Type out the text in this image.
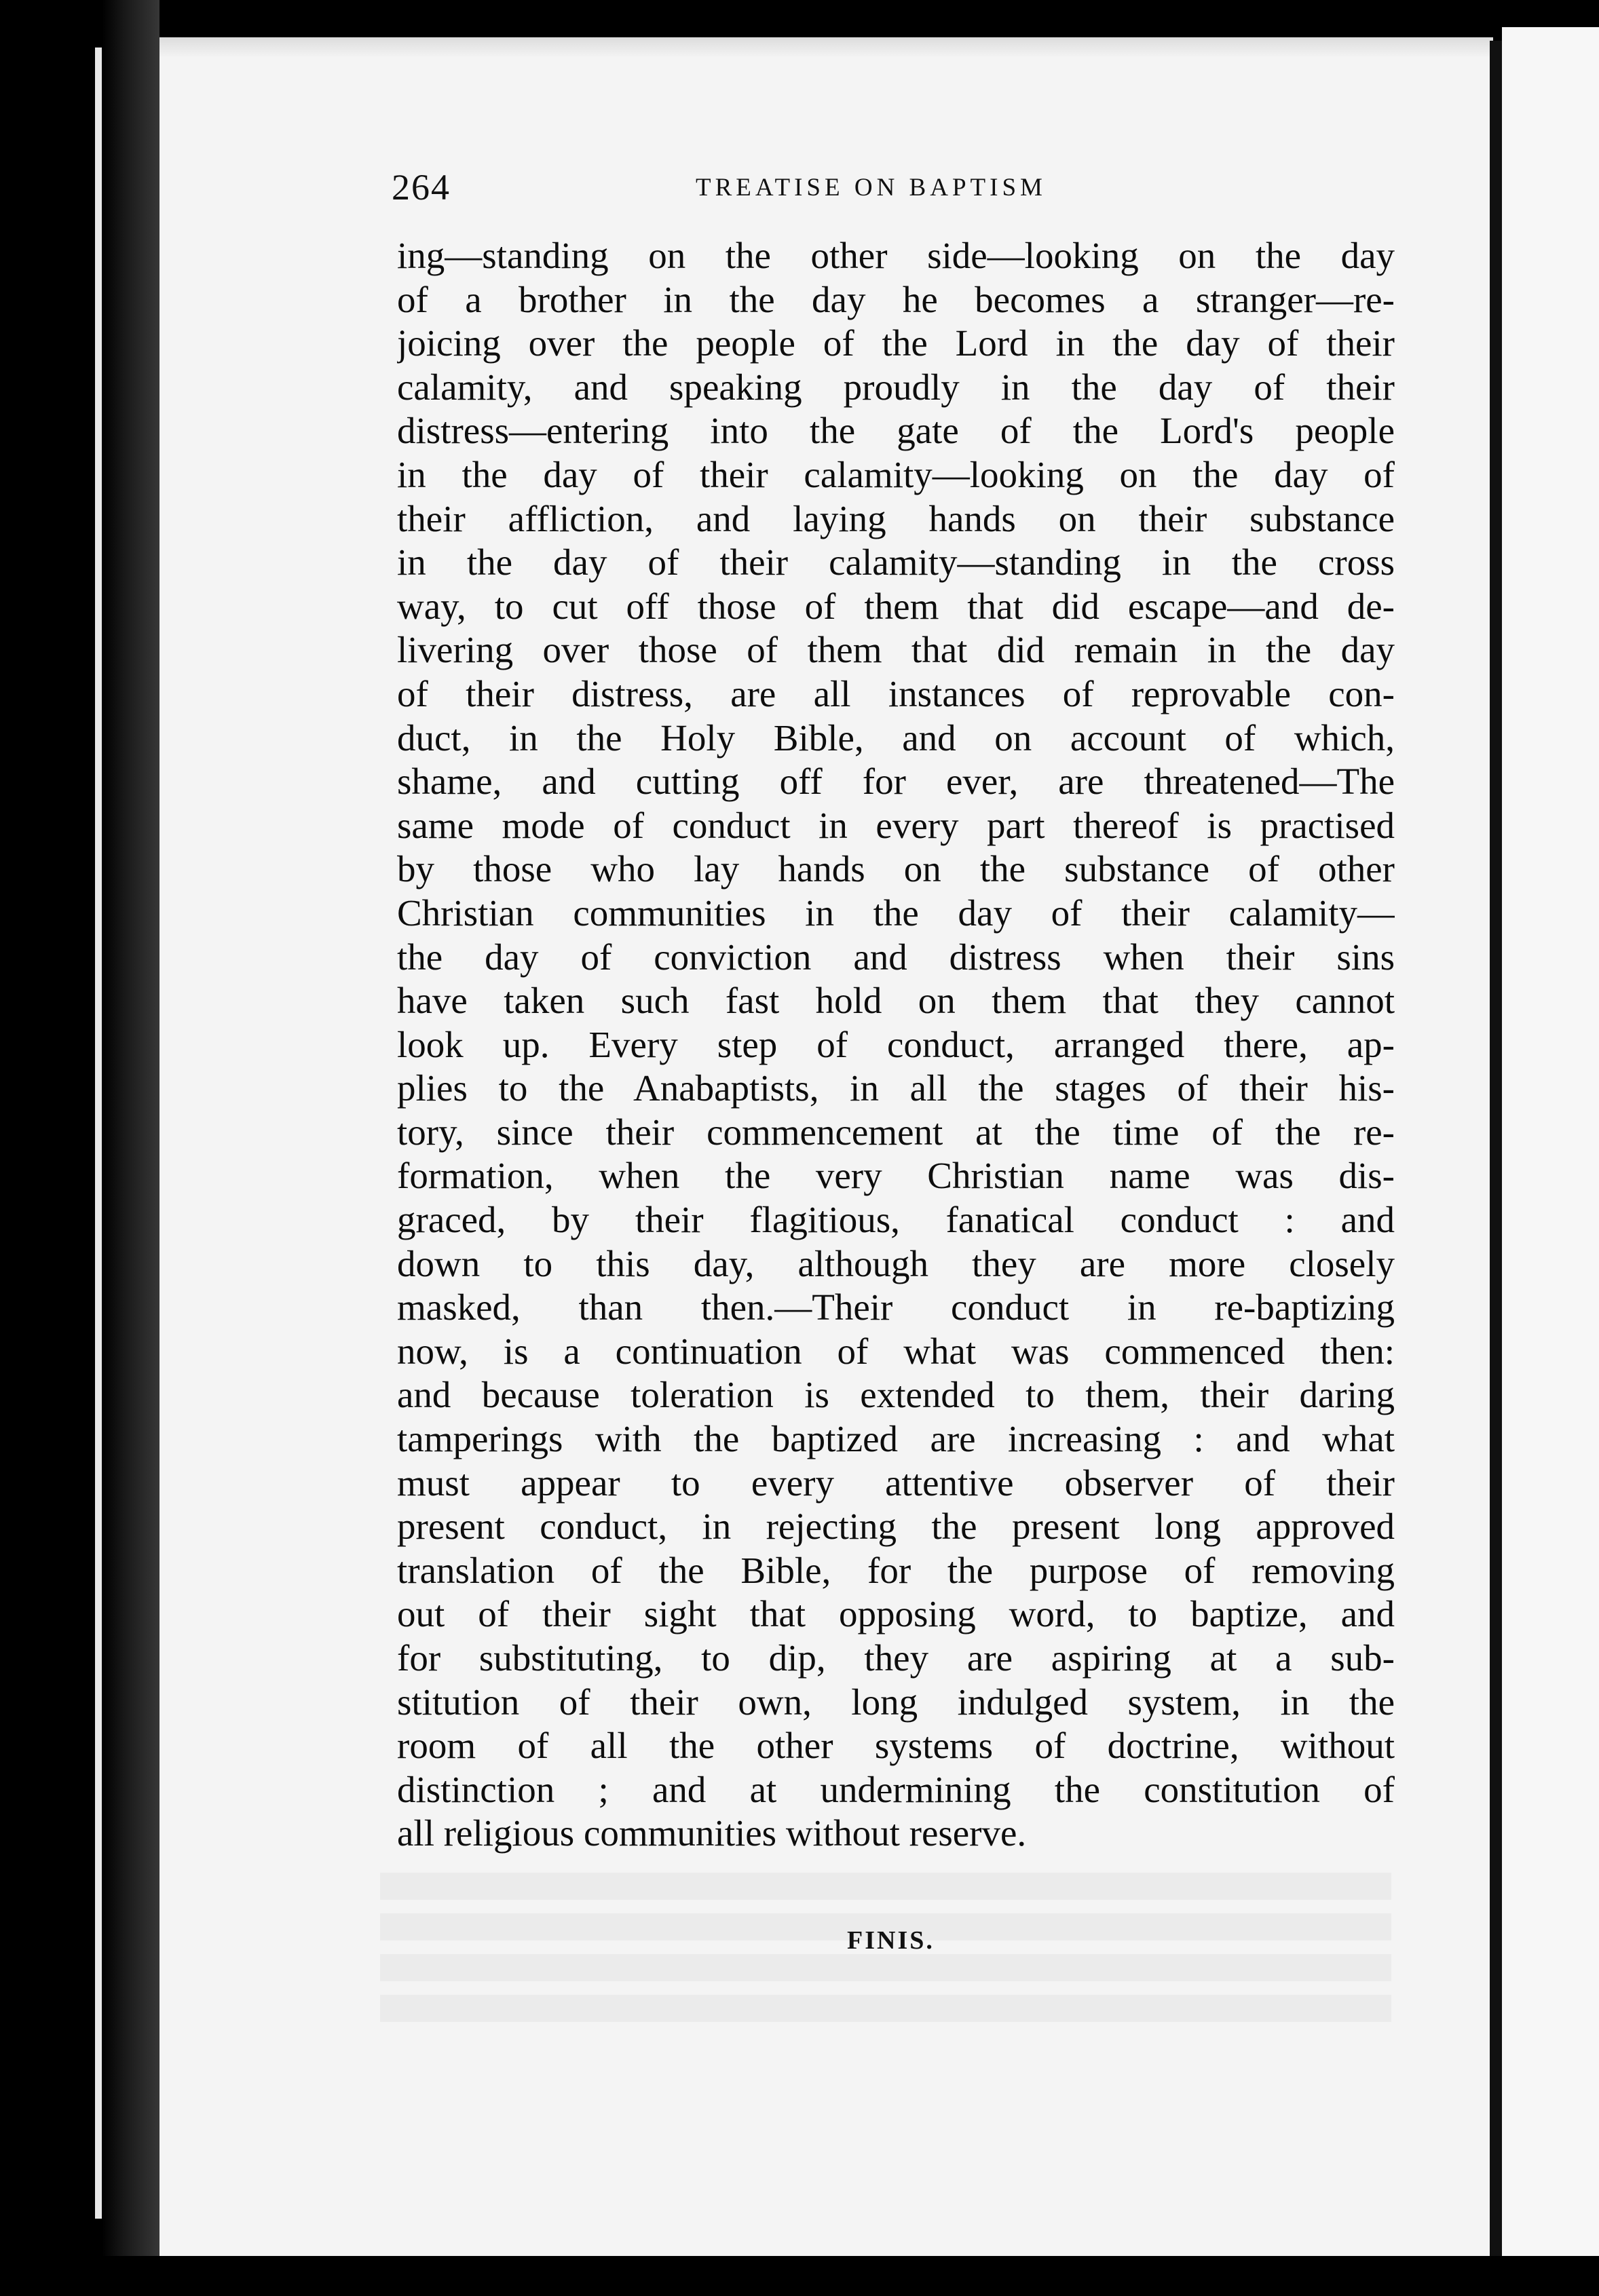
264	TREATISE ON BAPTISM
ing—standing on the other side—looking on the day
of a brother in the day he becomes a stranger—re-
joicing over the people of the Lord in the day of their
calamity, and speaking proudly in the day of their
distress—entering into the gate of the Lord's people
in the day of their calamity—looking on the day of
their affliction, and laying hands on their substance
in the day of their calamity—standing in the cross
way, to cut off those of them that did escape—and de-
livering over those of them that did remain in the day
of their distress, are all instances of reprovable con-
duct, in the Holy Bible, and on account of which,
shame, and cutting off for ever, are threatened—The
same mode of conduct in every part thereof is practised
by those who lay hands on the substance of other
Christian communities in the day of their calamity—
the day of conviction and distress when their sins
have taken such fast hold on them that they cannot
look up. Every step of conduct, arranged there, ap-
plies to the Anabaptists, in all the stages of their his-
tory, since their commencement at the time of the re-
formation, when the very Christian name was dis-
graced, by their flagitious, fanatical conduct : and
down to this day, although they are more closely
masked, than then.—Their conduct in re-baptizing
now, is a continuation of what was commenced then:
and because toleration is extended to them, their daring
tamperings with the baptized are increasing : and what
must appear to every attentive observer of their
present conduct, in rejecting the present long approved
translation of the Bible, for the purpose of removing
out of their sight that opposing word, to baptize, and
for substituting, to dip, they are aspiring at a sub-
stitution of their own, long indulged system, in the
room of all the other systems of doctrine, without
distinction ; and at undermining the constitution of
all religious communities without reserve.
FINIS.
